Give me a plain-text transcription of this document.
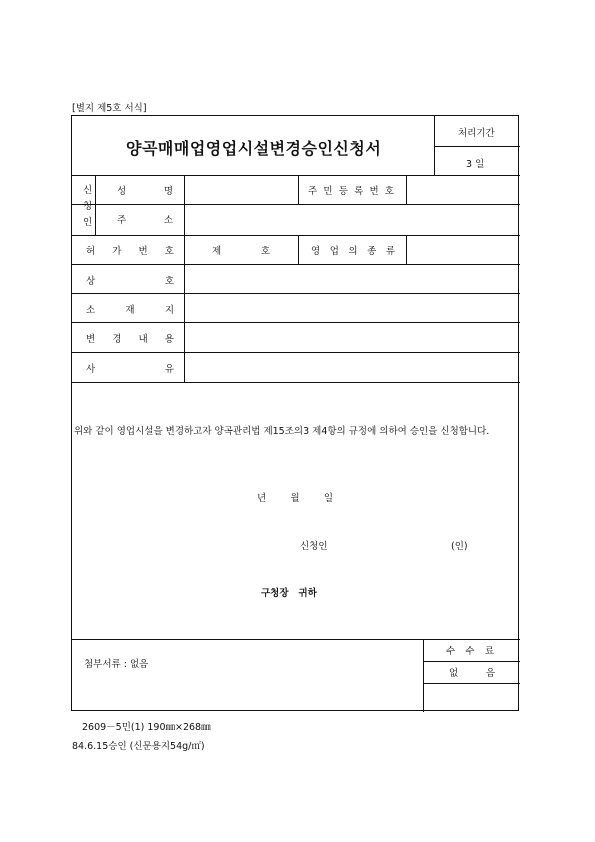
[별지 제5호 서식]
양곡매매업영업시설변경승인신청서
처리기간
3 일
신
청
인
성	명	주 민 등 록 번 호
주	소
허 가 번 호	제	호	영 업 의 종 류
상	호
소	재	지
변 경 내 용
사	유
위와 같이 영업시설을 변경하고자 양곡관리법 제15조의3 제4항의 규정에 의하여 승인을 신청합니다.
년	월	일
신청인	(인)
구청장   귀하
첨부서류 : 없음
수 수 료
없	음
2609－5민(1) 190㎜×268㎜
84.6.15승인 (신문용지54g/㎡)
